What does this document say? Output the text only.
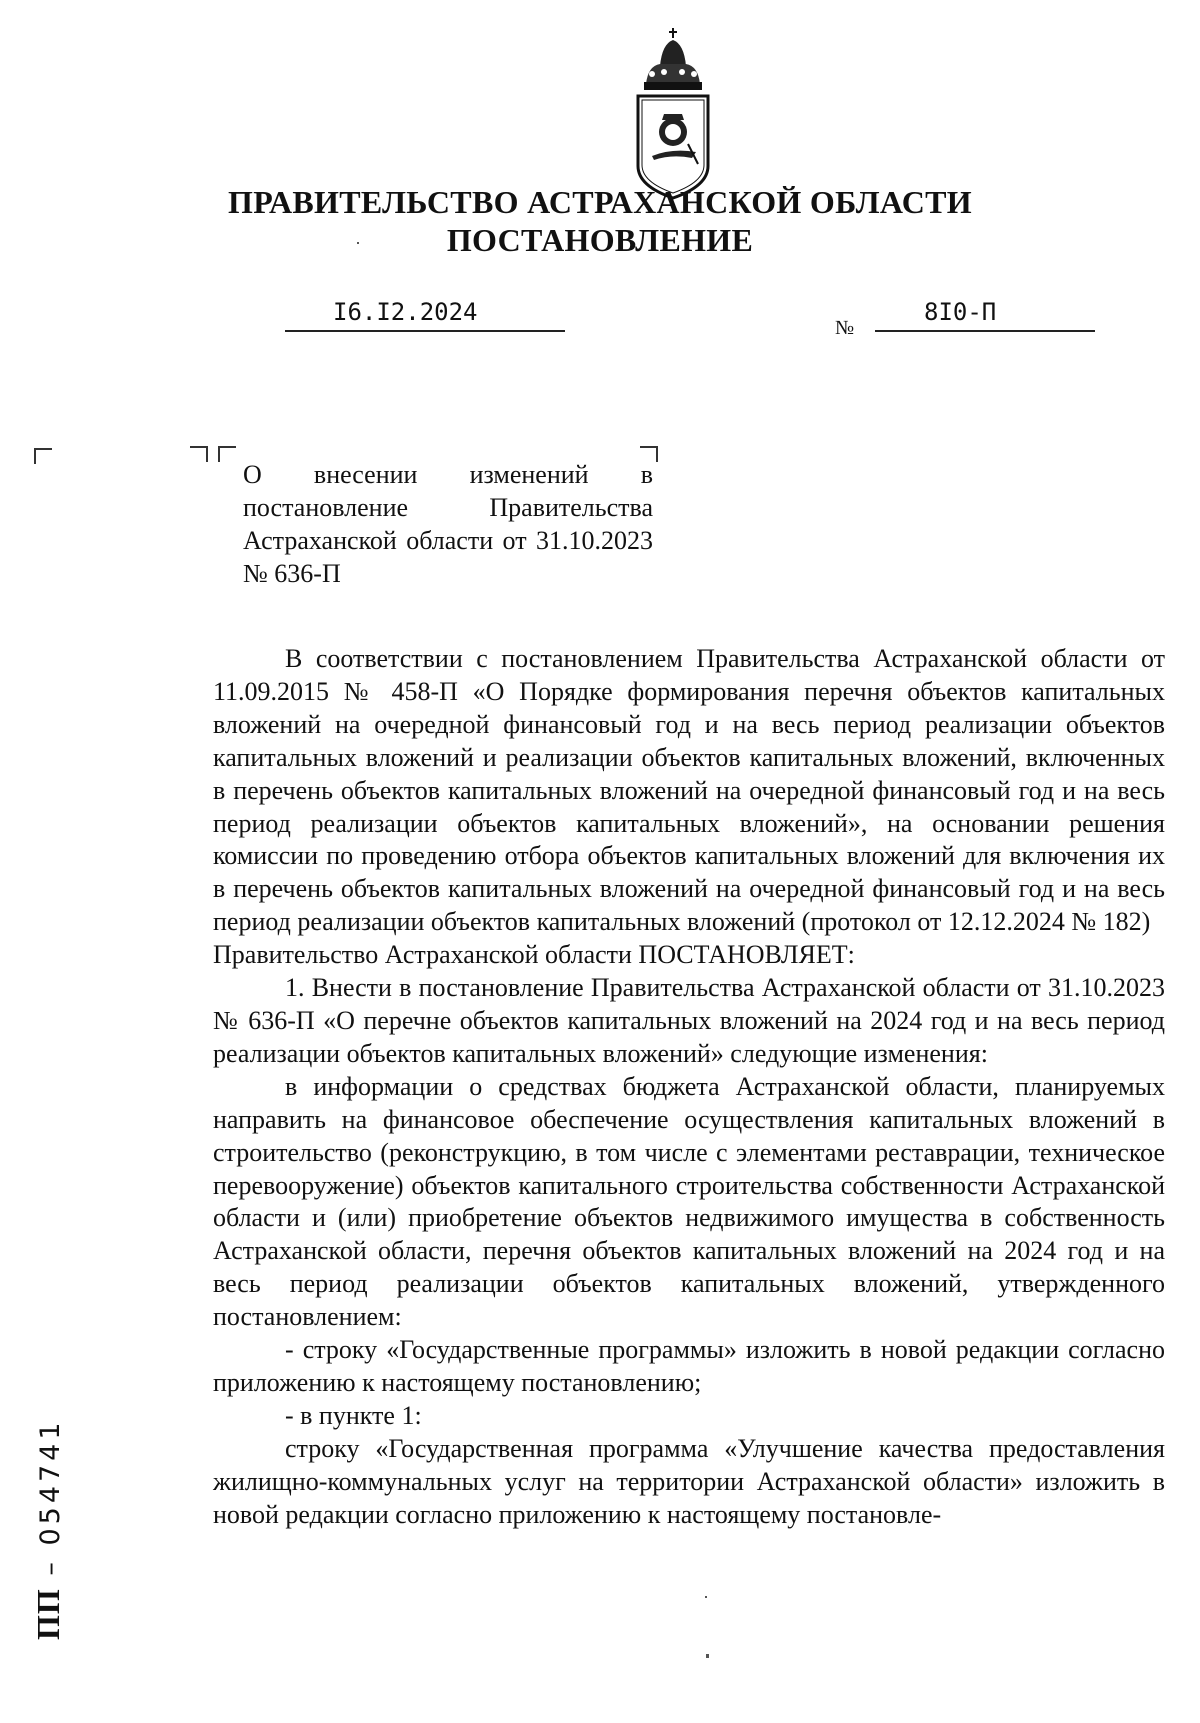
ПРАВИТЕЛЬСТВО АСТРАХАНСКОЙ ОБЛАСТИ
ПОСТАНОВЛЕНИЕ
I6.I2.2024
№
8I0-П
О внесении изменений в постановление Правительства Астраханской области от 31.10.2023 № 636-П

В соответствии с постановлением Правительства Астраханской области от 11.09.2015 № 458-П «О Порядке формирования перечня объектов капитальных вложений на очередной финансовый год и на весь период реализации объектов капитальных вложений и реализации объектов капитальных вложений, включенных в перечень объектов капитальных вложений на очередной финансовый год и на весь период реализации объектов капитальных вложений», на основании решения комиссии по проведению отбора объектов капитальных вложений для включения их в перечень объектов капитальных вложений на очередной финансовый год и на весь период реализации объектов капитальных вложений (протокол от 12.12.2024 № 182)

Правительство Астраханской области ПОСТАНОВЛЯЕТ:

1. Внести в постановление Правительства Астраханской области от 31.10.2023 № 636-П «О перечне объектов капитальных вложений на 2024 год и на весь период реализации объектов капитальных вложений» следующие изменения:

в информации о средствах бюджета Астраханской области, планируемых направить на финансовое обеспечение осуществления капитальных вложений в строительство (реконструкцию, в том числе с элементами реставрации, техническое перевооружение) объектов капитального строительства собственности Астраханской области и (или) приобретение объектов недвижимого имущества в собственность Астраханской области, перечня объектов капитальных вложений на 2024 год и на весь период реализации объектов капитальных вложений, утвержденного постановлением:

- строку «Государственные программы» изложить в новой редакции согласно приложению к настоящему постановлению;

- в пункте 1:

строку «Государственная программа «Улучшение качества предоставления жилищно-коммунальных услуг на территории Астраханской области» изложить в новой редакции согласно приложению к настоящему постановле-

ПП – 054741
